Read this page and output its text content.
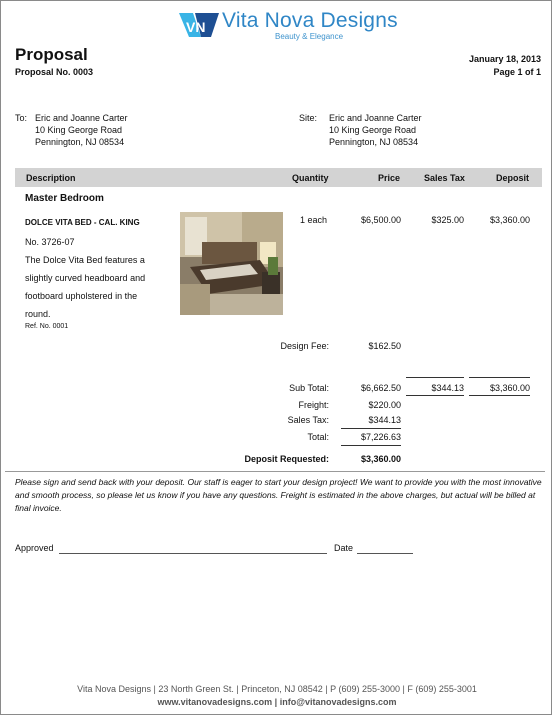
VN Vita Nova Designs
Beauty & Elegance
Proposal
Proposal No. 0003
January 18, 2013
Page 1 of 1
To: Eric and Joanne Carter
10 King George Road
Pennington, NJ 08534
Site: Eric and Joanne Carter
10 King George Road
Pennington, NJ 08534
Description	Quantity	Price	Sales Tax	Deposit
Master Bedroom
DOLCE VITA BED - CAL. KING
No. 3726-07
The Dolce Vita Bed features a slightly curved headboard and footboard upholstered in the round.
Ref. No. 0001
1 each	$6,500.00	$325.00	$3,360.00
Design Fee:	$162.50
Sub Total:	$6,662.50	$344.13	$3,360.00
Freight:	$220.00
Sales Tax:	$344.13
Total:	$7,226.63
Deposit Requested:	$3,360.00
Please sign and send back with your deposit. Our staff is eager to start your design project! We want to provide you with the most innovative and smooth process, so please let us know if you have any questions. Freight is estimated in the above charges, but actual will be billed at final invoice.
Approved	Date
Vita Nova Designs | 23 North Green St. | Princeton, NJ 08542 | P (609) 255-3000 | F (609) 255-3001
www.vitanovadesigns.com | info@vitanovadesigns.com
